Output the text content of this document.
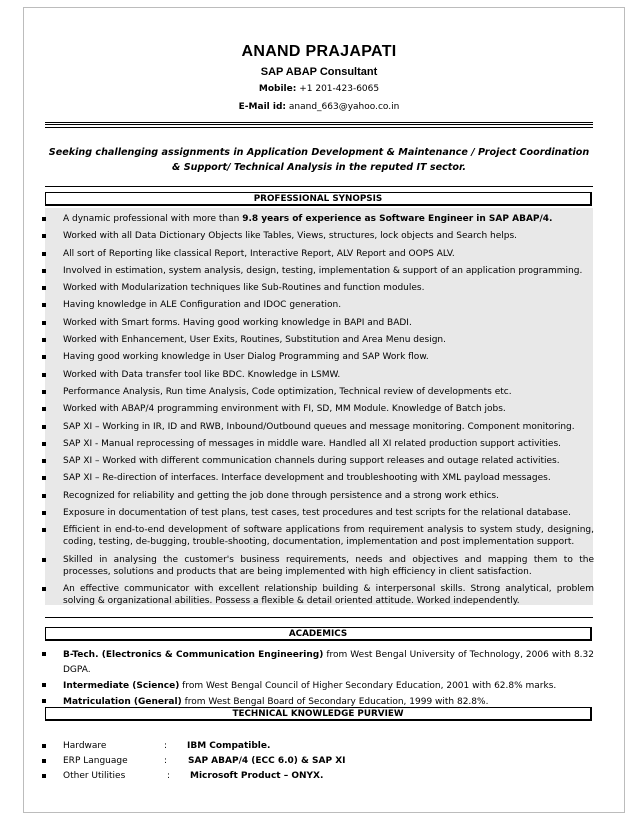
ANAND PRAJAPATI
SAP ABAP Consultant
Mobile: +1 201-423-6065
E-Mail id: anand_663@yahoo.co.in
Seeking challenging assignments in Application Development & Maintenance / Project Coordination & Support/ Technical Analysis in the reputed IT sector.
PROFESSIONAL SYNOPSIS
A dynamic professional with more than 9.8 years of experience as Software Engineer in SAP ABAP/4.
Worked with all Data Dictionary Objects like Tables, Views, structures, lock objects and Search helps.
All sort of Reporting like classical Report, Interactive Report, ALV Report and OOPS ALV.
Involved in estimation, system analysis, design, testing, implementation & support of an application programming.
Worked with Modularization techniques like Sub-Routines and function modules.
Having knowledge in ALE Configuration and IDOC generation.
Worked with Smart forms. Having good working knowledge in BAPI and BADI.
Worked with Enhancement, User Exits, Routines, Substitution and Area Menu design.
Having good working knowledge in User Dialog Programming and SAP Work flow.
Worked with Data transfer tool like BDC. Knowledge in LSMW.
Performance Analysis, Run time Analysis, Code optimization, Technical review of developments etc.
Worked with ABAP/4 programming environment with FI, SD, MM Module. Knowledge of Batch jobs.
SAP XI – Working in IR, ID and RWB, Inbound/Outbound queues and message monitoring. Component monitoring.
SAP XI - Manual reprocessing of messages in middle ware. Handled all XI related production support activities.
SAP XI – Worked with different communication channels during support releases and outage related activities.
SAP XI – Re-direction of interfaces. Interface development and troubleshooting with XML payload messages.
Recognized for reliability and getting the job done through persistence and a strong work ethics.
Exposure in documentation of test plans, test cases, test procedures and test scripts for the relational database.
Efficient in end-to-end development of software applications from requirement analysis to system study, designing, coding, testing, de-bugging, trouble-shooting, documentation, implementation and post implementation support.
Skilled in analysing the customer's business requirements, needs and objectives and mapping them to the processes, solutions and products that are being implemented with high efficiency in client satisfaction.
An effective communicator with excellent relationship building & interpersonal skills. Strong analytical, problem solving & organizational abilities. Possess a flexible & detail oriented attitude. Worked independently.
ACADEMICS
B-Tech. (Electronics & Communication Engineering) from West Bengal University of Technology, 2006 with 8.32 DGPA.
Intermediate (Science) from West Bengal Council of Higher Secondary Education, 2001 with 62.8% marks.
Matriculation (General) from West Bengal Board of Secondary Education, 1999 with 82.8%.
TECHNICAL KNOWLEDGE PURVIEW
Hardware	: IBM Compatible.
ERP Language	: SAP ABAP/4 (ECC 6.0) & SAP XI
Other Utilities	: Microsoft Product – ONYX.
